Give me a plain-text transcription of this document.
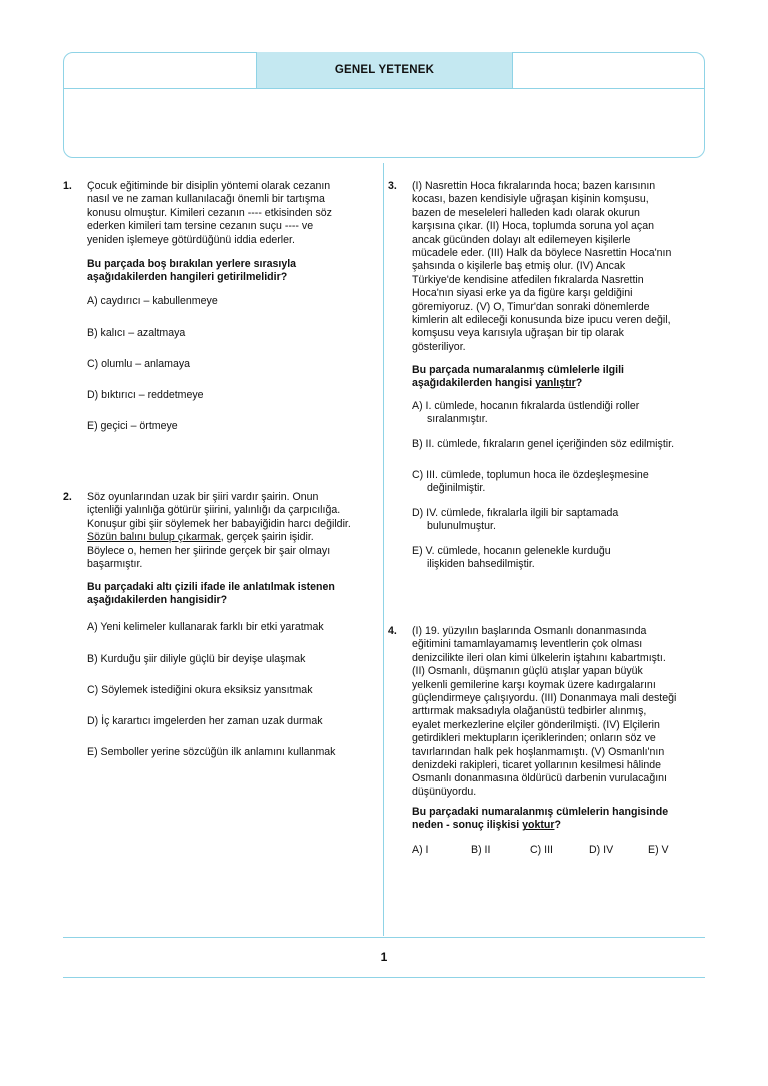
GENEL YETENEK
1. Çocuk eğitiminde bir disiplin yöntemi olarak cezanın

nasıl ve ne zaman kullanılacağı önemli bir tartışma

konusu olmuştur. Kimileri cezanın ---- etkisinden söz

ederken kimileri tam tersine cezanın suçu ---- ve

yeniden işlemeye götürdüğünü iddia ederler.

Bu parçada boş bırakılan yerlere sırasıyla

aşağıdakilerden hangileri getirilmelidir?

A) caydırıcı – kabullenmeye
B) kalıcı – azaltmaya
C) olumlu – anlamaya
D) bıktırıcı – reddetmeye
E) geçici – örtmeye
2. Söz oyunlarından uzak bir şiiri vardır şairin. Onun

içtenliği yalınlığa götürür şiirini, yalınlığı da çarpıcılığa.

Konuşur gibi şiir söylemek her babayiğidin harcı değildir.

Sözün balını bulup çıkarmak, gerçek şairin işidir.

Böylece o, hemen her şiirinde gerçek bir şair olmayı

başarmıştır.

Bu parçadaki altı çizili ifade ile anlatılmak istenen

aşağıdakilerden hangisidir?

A) Yeni kelimeler kullanarak farklı bir etki yaratmak
B) Kurduğu şiir diliyle güçlü bir deyişe ulaşmak
C) Söylemek istediğini okura eksiksiz yansıtmak
D) İç karartıcı imgelerden her zaman uzak durmak
E) Semboller yerine sözcüğün ilk anlamını kullanmak
3. (I) Nasrettin Hoca fıkralarında hoca; bazen karısının

kocası, bazen kendisiyle uğraşan kişinin komşusu,

bazen de meseleleri halleden kadı olarak okurun

karşısına çıkar. (II) Hoca, toplumda soruna yol açan

ancak gücünden dolayı alt edilemeyen kişilerle

mücadele eder. (III) Halk da böylece Nasrettin Hoca'nın

şahsında o kişilerle baş etmiş olur. (IV) Ancak

Türkiye'de kendisine atfedilen fıkralarda Nasrettin

Hoca'nın siyasi erke ya da figüre karşı geldiğini

göremiyoruz. (V) O, Timur'dan sonraki dönemlerde

kimlerin alt edileceği konusunda bize ipucu veren değil,

komşusu veya karısıyla uğraşan bir tip olarak

gösteriliyor.

Bu parçada numaralanmış cümlelerle ilgili

aşağıdakilerden hangisi yanlıştır?

A) I. cümlede, hocanın fıkralarda üstlendiği roller
sıralanmıştır.
B) II. cümlede, fıkraların genel içeriğinden söz edilmiştir.
C) III. cümlede, toplumun hoca ile özdeşleşmesine
değinilmiştir.
D) IV. cümlede, fıkralarla ilgili bir saptamada
bulunulmuştur.
E) V. cümlede, hocanın gelenekle kurduğu
ilişkiden bahsedilmiştir.
4. (I) 19. yüzyılın başlarında Osmanlı donanmasında

eğitimini tamamlayamamış leventlerin çok olması

denizcilikte ileri olan kimi ülkelerin iştahını kabartmıştı.

(II) Osmanlı, düşmanın güçlü atışlar yapan büyük

yelkenli gemilerine karşı koymak üzere kadırgalarını

güçlendirmeye çalışıyordu. (III) Donanmaya mali desteği

arttırmak maksadıyla olağanüstü tedbirler alınmış,

eyalet merkezlerine elçiler gönderilmişti. (IV) Elçilerin

getirdikleri mektupların içeriklerinden; onların söz ve

tavırlarından halk pek hoşlanmamıştı. (V) Osmanlı'nın

denizdeki rakipleri, ticaret yollarının kesilmesi hâlinde

Osmanlı donanmasına öldürücü darbenin vurulacağını

düşünüyordu.

Bu parçadaki numaralanmış cümlelerin hangisinde

neden - sonuç ilişkisi yoktur?

A) I	B) II	C) III	D) IV	E) V
1
